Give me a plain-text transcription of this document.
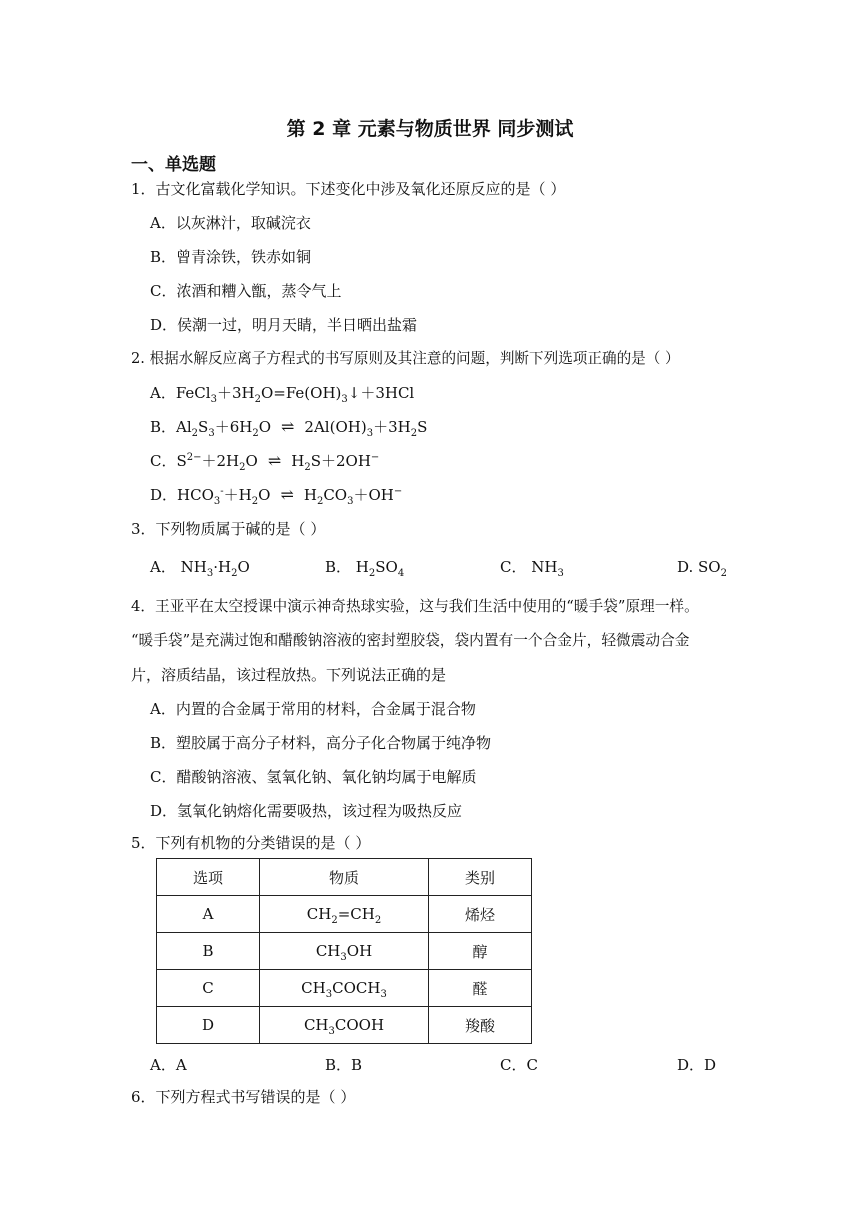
第 2 章 元素与物质世界 同步测试
一、单选题
1．古文化富载化学知识。下述变化中涉及氧化还原反应的是（ ）
A．以灰淋汁，取碱浣衣
B．曾青涂铁，铁赤如铜
C．浓酒和糟入甑，蒸令气上
D．侯潮一过，明月天睛，半日晒出盐霜
2. 根据水解反应离子方程式的书写原则及其注意的问题，判断下列选项正确的是（ ）
A．$FeCl_3+3H_2O=Fe(OH)_3↓+3HCl$
B．$Al_2S_3+6H_2O$ ⇌ $2Al(OH)_3+3H_2S$
C．$S^{2-}+2H_2O$ ⇌ $H_2S+2OH^-$
D．$HCO_3^-+H_2O$ ⇌ $H_2CO_3+OH^-$
3．下列物质属于碱的是（ ）
A． $NH_3\cdot H_2O$	B． $H_2SO_4$	C． $NH_3$	D. $SO_2$
4．王亚平在太空授课中演示神奇热球实验，这与我们生活中使用的“暖手袋”原理一样。
“暖手袋”是充满过饱和醋酸钠溶液的密封塑胶袋，袋内置有一个合金片，轻微震动合金
片，溶质结晶，该过程放热。下列说法正确的是
A．内置的合金属于常用的材料，合金属于混合物
B．塑胶属于高分子材料，高分子化合物属于纯净物
C．醋酸钠溶液、氢氧化钠、氧化钠均属于电解质
D．氢氧化钠熔化需要吸热，该过程为吸热反应
5．下列有机物的分类错误的是（ ）
选项	物质	类别
A	$CH_2=CH_2$	烯烃
B	$CH_3OH$	醇
C	$CH_3COCH_3$	醛
D	$CH_3COOH$	羧酸
A．A	B．B	C．C	D．D
6．下列方程式书写错误的是（ ）
